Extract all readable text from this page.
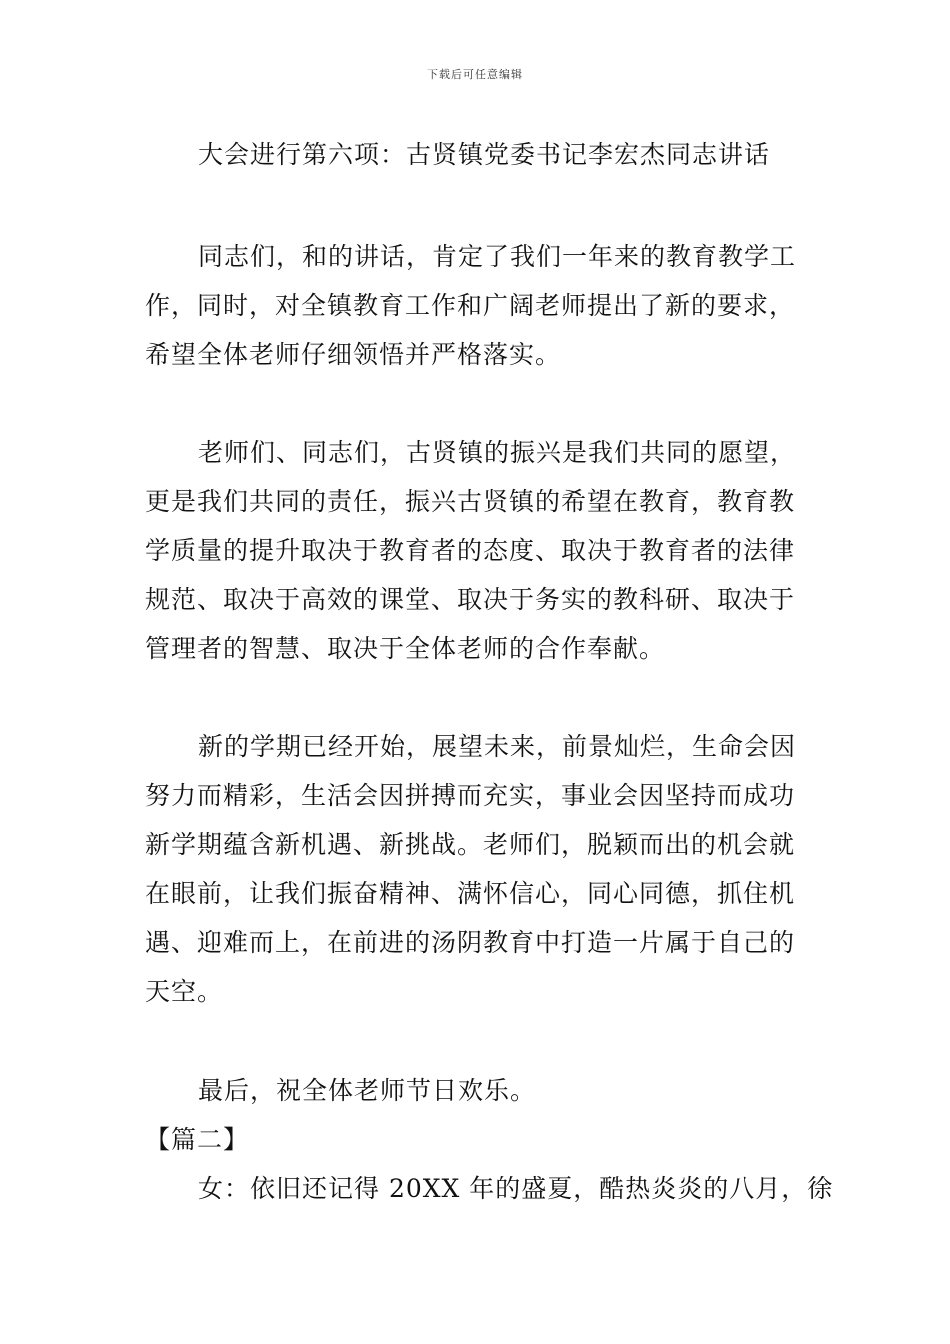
下载后可任意编辑
大会进行第六项：古贤镇党委书记李宏杰同志讲话
同志们，和的讲话，肯定了我们一年来的教育教学工
作，同时，对全镇教育工作和广阔老师提出了新的要求，
希望全体老师仔细领悟并严格落实。
老师们、同志们，古贤镇的振兴是我们共同的愿望，
更是我们共同的责任，振兴古贤镇的希望在教育，教育教
学质量的提升取决于教育者的态度、取决于教育者的法律
规范、取决于高效的课堂、取决于务实的教科研、取决于
管理者的智慧、取决于全体老师的合作奉献。
新的学期已经开始，展望未来，前景灿烂，生命会因
努力而精彩，生活会因拼搏而充实，事业会因坚持而成功
新学期蕴含新机遇、新挑战。老师们，脱颖而出的机会就
在眼前，让我们振奋精神、满怀信心，同心同德，抓住机
遇、迎难而上，在前进的汤阴教育中打造一片属于自己的
天空。
最后，祝全体老师节日欢乐。
【篇二】
女：依旧还记得 20XX 年的盛夏，酷热炎炎的八月，徐
